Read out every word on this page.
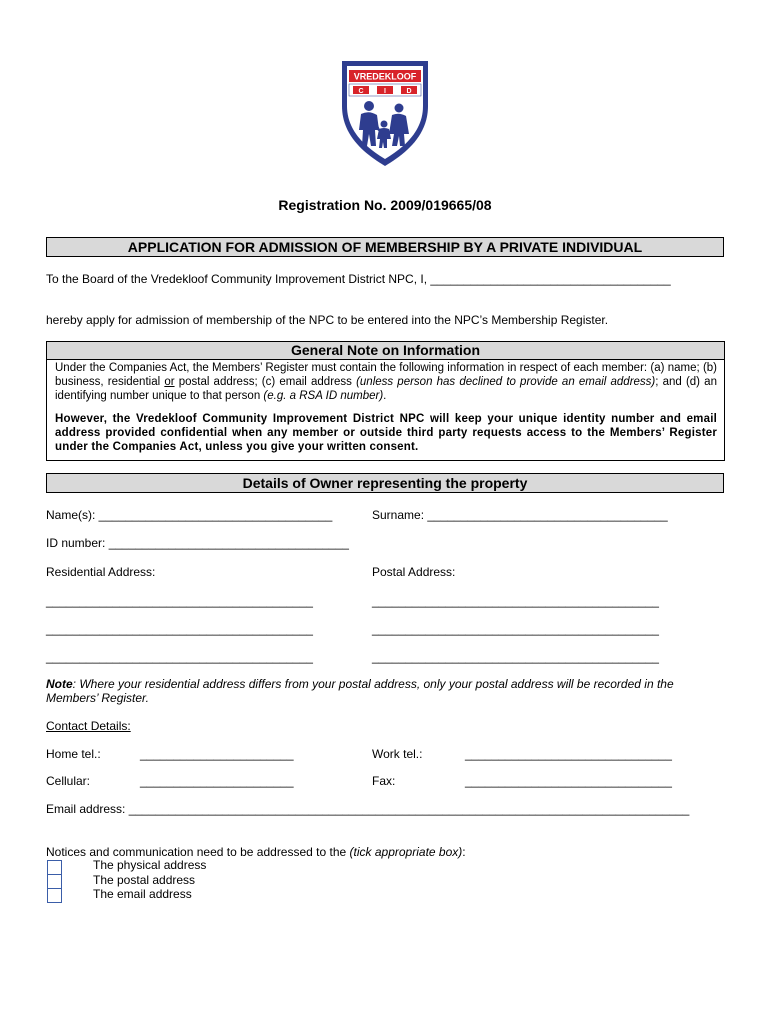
VREDEKLOOF
C	I	D
Registration No. 2009/019665/08
APPLICATION FOR ADMISSION OF MEMBERSHIP BY A PRIVATE INDIVIDUAL
To the Board of the Vredekloof Community Improvement District NPC, I, ____________________________________
hereby apply for admission of membership of the NPC to be entered into the NPC’s Membership Register.
General Note on Information

Under the Companies Act, the Members’ Register must contain the following information in respect of each member: (a) name; (b) business, residential or postal address; (c) email address (unless person has declined to provide an email address); and (d) an identifying number unique to that person (e.g. a RSA ID number).

However, the Vredekloof Community Improvement District NPC will keep your unique identity number and email address provided confidential when any member or outside third party requests access to the Members’ Register under the Companies Act, unless you give your written consent.

Details of Owner representing the property
Name(s): ___________________________________	Surname: ____________________________________
ID number: ____________________________________
Residential Address:	Postal Address:
________________________________________	___________________________________________
________________________________________	___________________________________________
________________________________________	___________________________________________
Note: Where your residential address differs from your postal address, only your postal address will be recorded in the Members’ Register.
Contact Details:
Home tel.:	_______________________	Work tel.:	_______________________________
Cellular:	_______________________	Fax:	_______________________________
Email address: ____________________________________________________________________________________
Notices and communication need to be addressed to the (tick appropriate box):
The physical address
The postal address
The email address
